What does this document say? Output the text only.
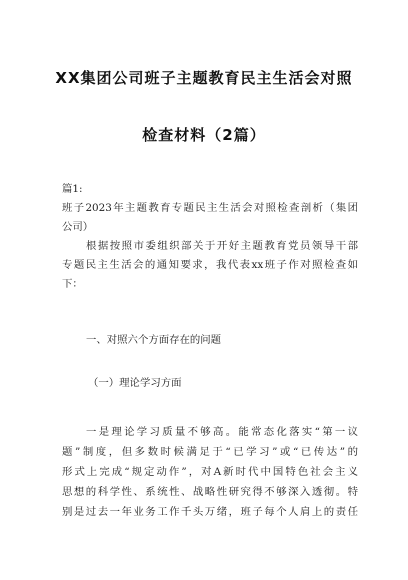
XX集团公司班子主题教育民主生活会对照
检查材料（2篇）
篇1:
班子2023年主题教育专题民主生活会对照检查剖析（集团
公司）
根据按照市委组织部关于开好主题教育党员领导干部
专题民主生活会的通知要求，我代表xx班子作对照检查如
下：
一、对照六个方面存在的问题
（一）理论学习方面
一是理论学习质量不够高。能常态化落实“第一议
题”制度，但多数时候满足于“已学习”或“已传达”的
形式上完成“规定动作”，对A新时代中国特色社会主义
思想的科学性、系统性、战略性研究得不够深入透彻。特
别是过去一年业务工作千头万绪，班子每个人肩上的责任
